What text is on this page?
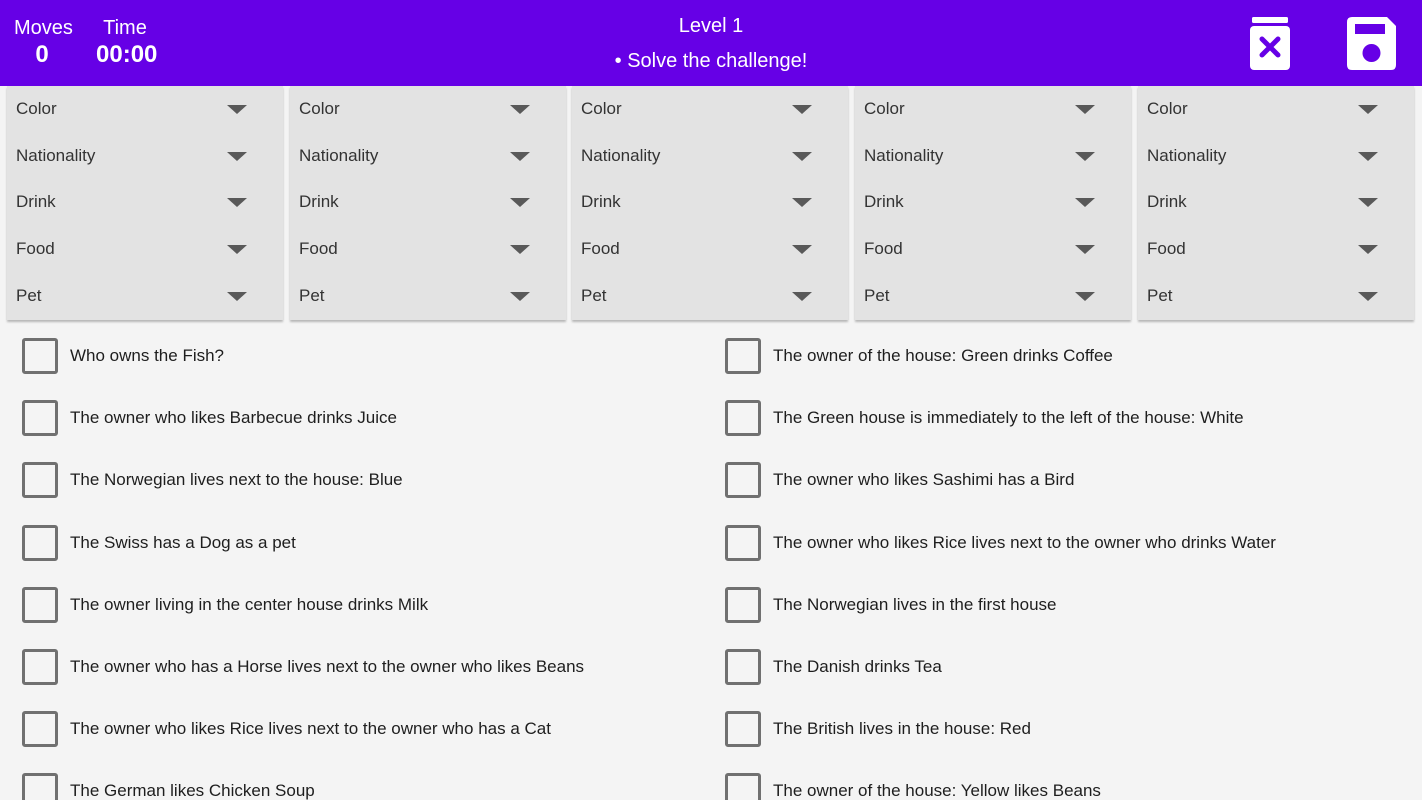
Moves
0
Time
00:00
Level 1
• Solve the challenge!
Color
Nationality
Drink
Food
Pet
Color
Nationality
Drink
Food
Pet
Color
Nationality
Drink
Food
Pet
Color
Nationality
Drink
Food
Pet
Color
Nationality
Drink
Food
Pet
Who owns the Fish?
The owner who likes Barbecue drinks Juice
The Norwegian lives next to the house: Blue
The Swiss has a Dog as a pet
The owner living in the center house drinks Milk
The owner who has a Horse lives next to the owner who likes Beans
The owner who likes Rice lives next to the owner who has a Cat
The German likes Chicken Soup
The owner of the house: Green drinks Coffee
The Green house is immediately to the left of the house: White
The owner who likes Sashimi has a Bird
The owner who likes Rice lives next to the owner who drinks Water
The Norwegian lives in the first house
The Danish drinks Tea
The British lives in the house: Red
The owner of the house: Yellow likes Beans
